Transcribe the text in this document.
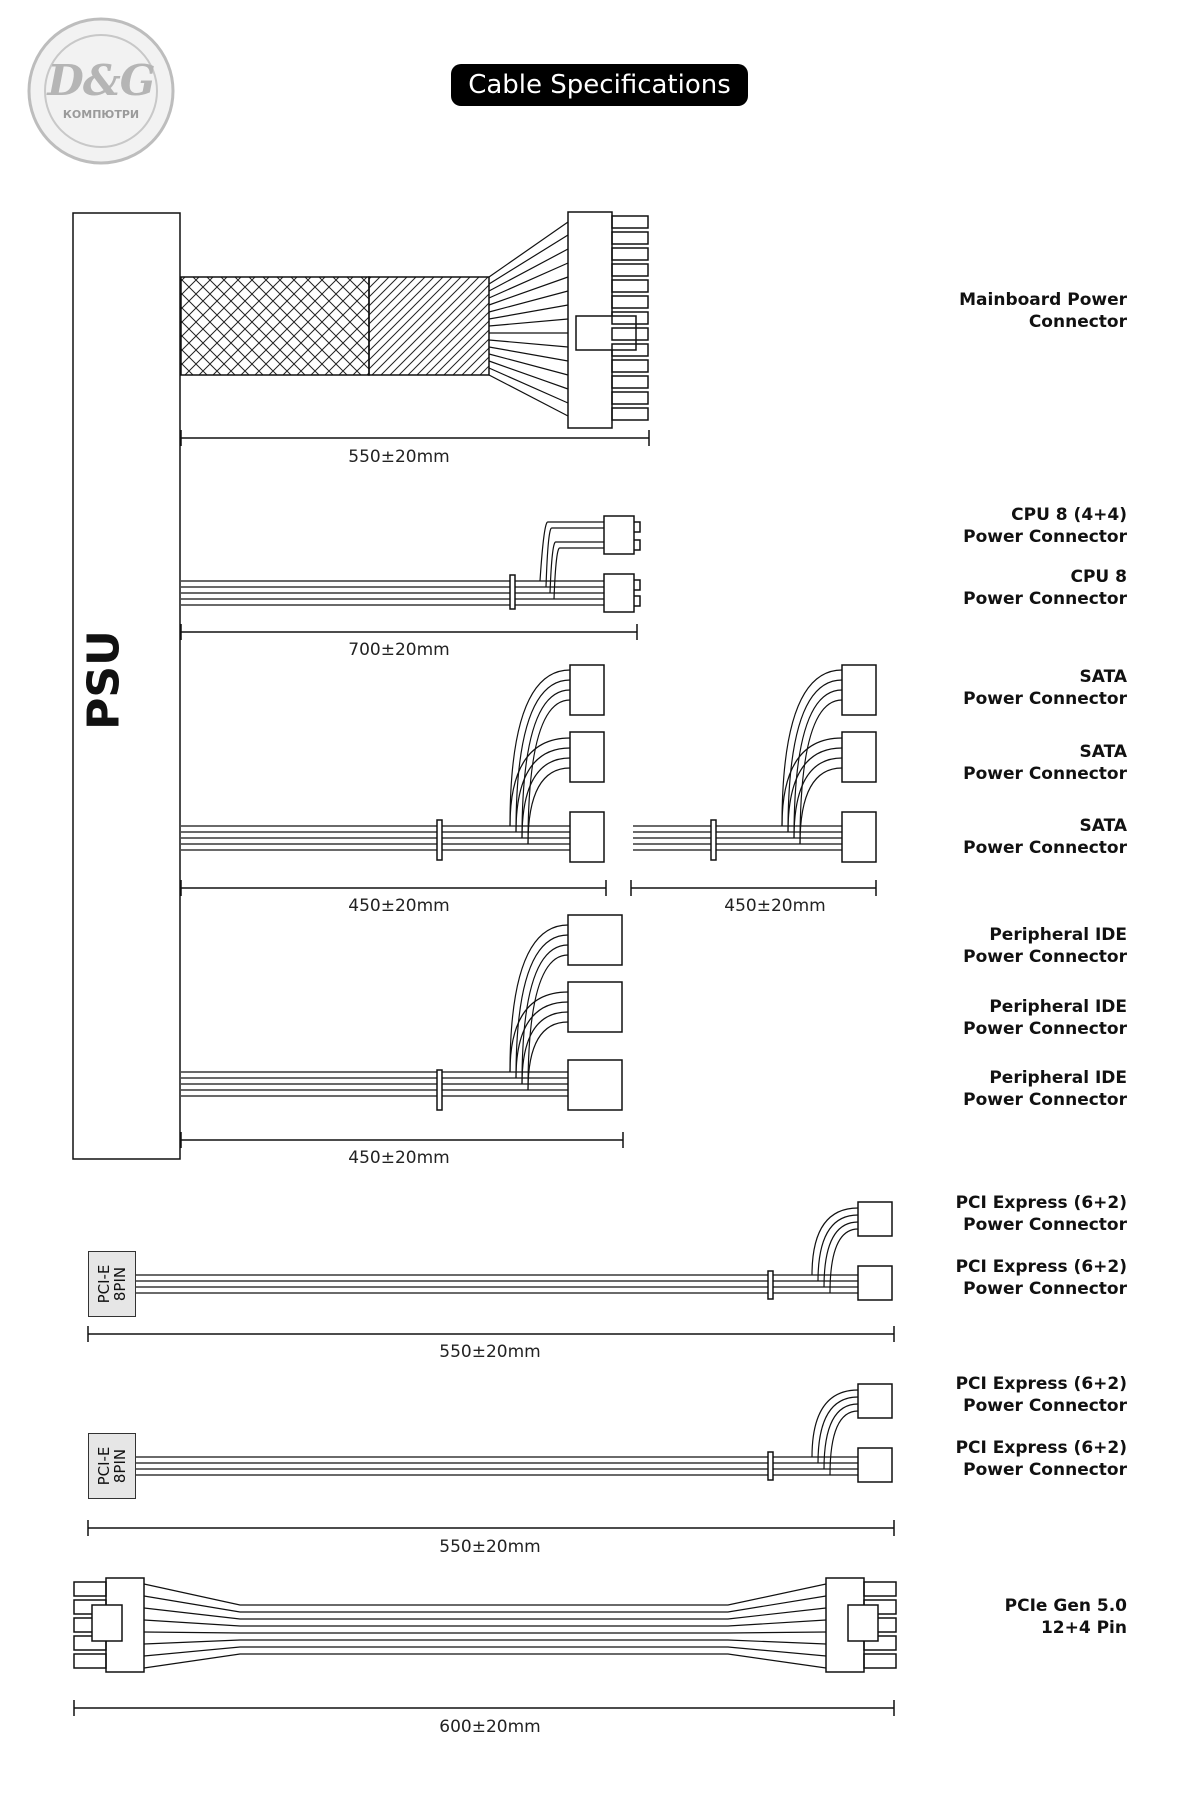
D&G
КОМПЮТРИ
Cable Specifications
PSU
PCI-E
8PIN
PCI-E
8PIN
550±20mm
700±20mm
450±20mm	450±20mm
450±20mm
550±20mm
550±20mm
600±20mm
Mainboard Power
Connector
CPU 8 (4+4)
Power Connector
CPU 8
Power Connector
SATA
Power Connector
SATA
Power Connector
SATA
Power Connector
Peripheral IDE
Power Connector
Peripheral IDE
Power Connector
Peripheral IDE
Power Connector
PCI Express (6+2)
Power Connector
PCI Express (6+2)
Power Connector
PCI Express (6+2)
Power Connector
PCI Express (6+2)
Power Connector
PCIe Gen 5.0
12+4 Pin
